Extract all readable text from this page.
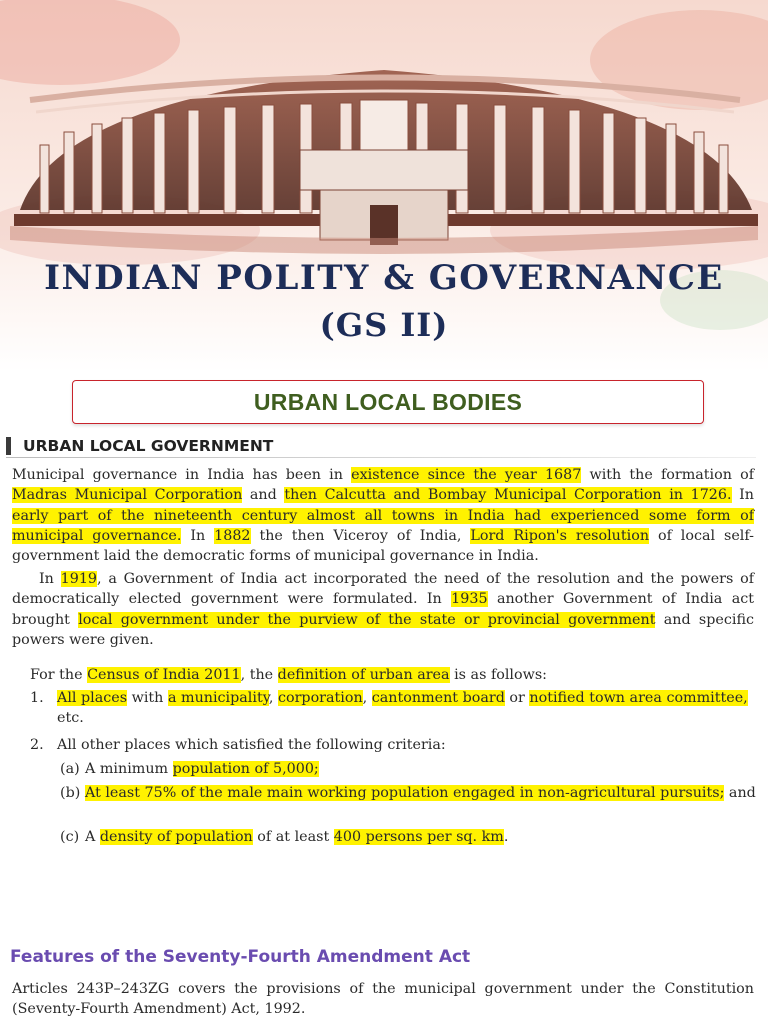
INDIAN POLITY & GOVERNANCE
(GS II)
URBAN LOCAL BODIES
URBAN LOCAL GOVERNMENT

Municipal governance in India has been in existence since the year 1687 with the formation of Madras Municipal Corporation and then Calcutta and Bombay Municipal Corporation in 1726. In early part of the nineteenth century almost all towns in India had experienced some form of municipal governance. In 1882 the then Viceroy of India, Lord Ripon's resolution of local self-government laid the democratic forms of municipal governance in India.

In 1919, a Government of India act incorporated the need of the resolution and the powers of democratically elected government were formulated. In 1935 another Government of India act brought local government under the purview of the state or provincial government and specific powers were given.

For the Census of India 2011, the definition of urban area is as follows:

1. All places with a municipality, corporation, cantonment board or notified town area committee, etc.
2. All other places which satisfied the following criteria:
(a) A minimum population of 5,000;
(b) At least 75% of the male main working population engaged in non-agricultural pursuits; and
(c) A density of population of at least 400 persons per sq. km.
Features of the Seventy-Fourth Amendment Act

Articles 243P–243ZG covers the provisions of the municipal government under the Constitution (Seventy-Fourth Amendment) Act, 1992.
